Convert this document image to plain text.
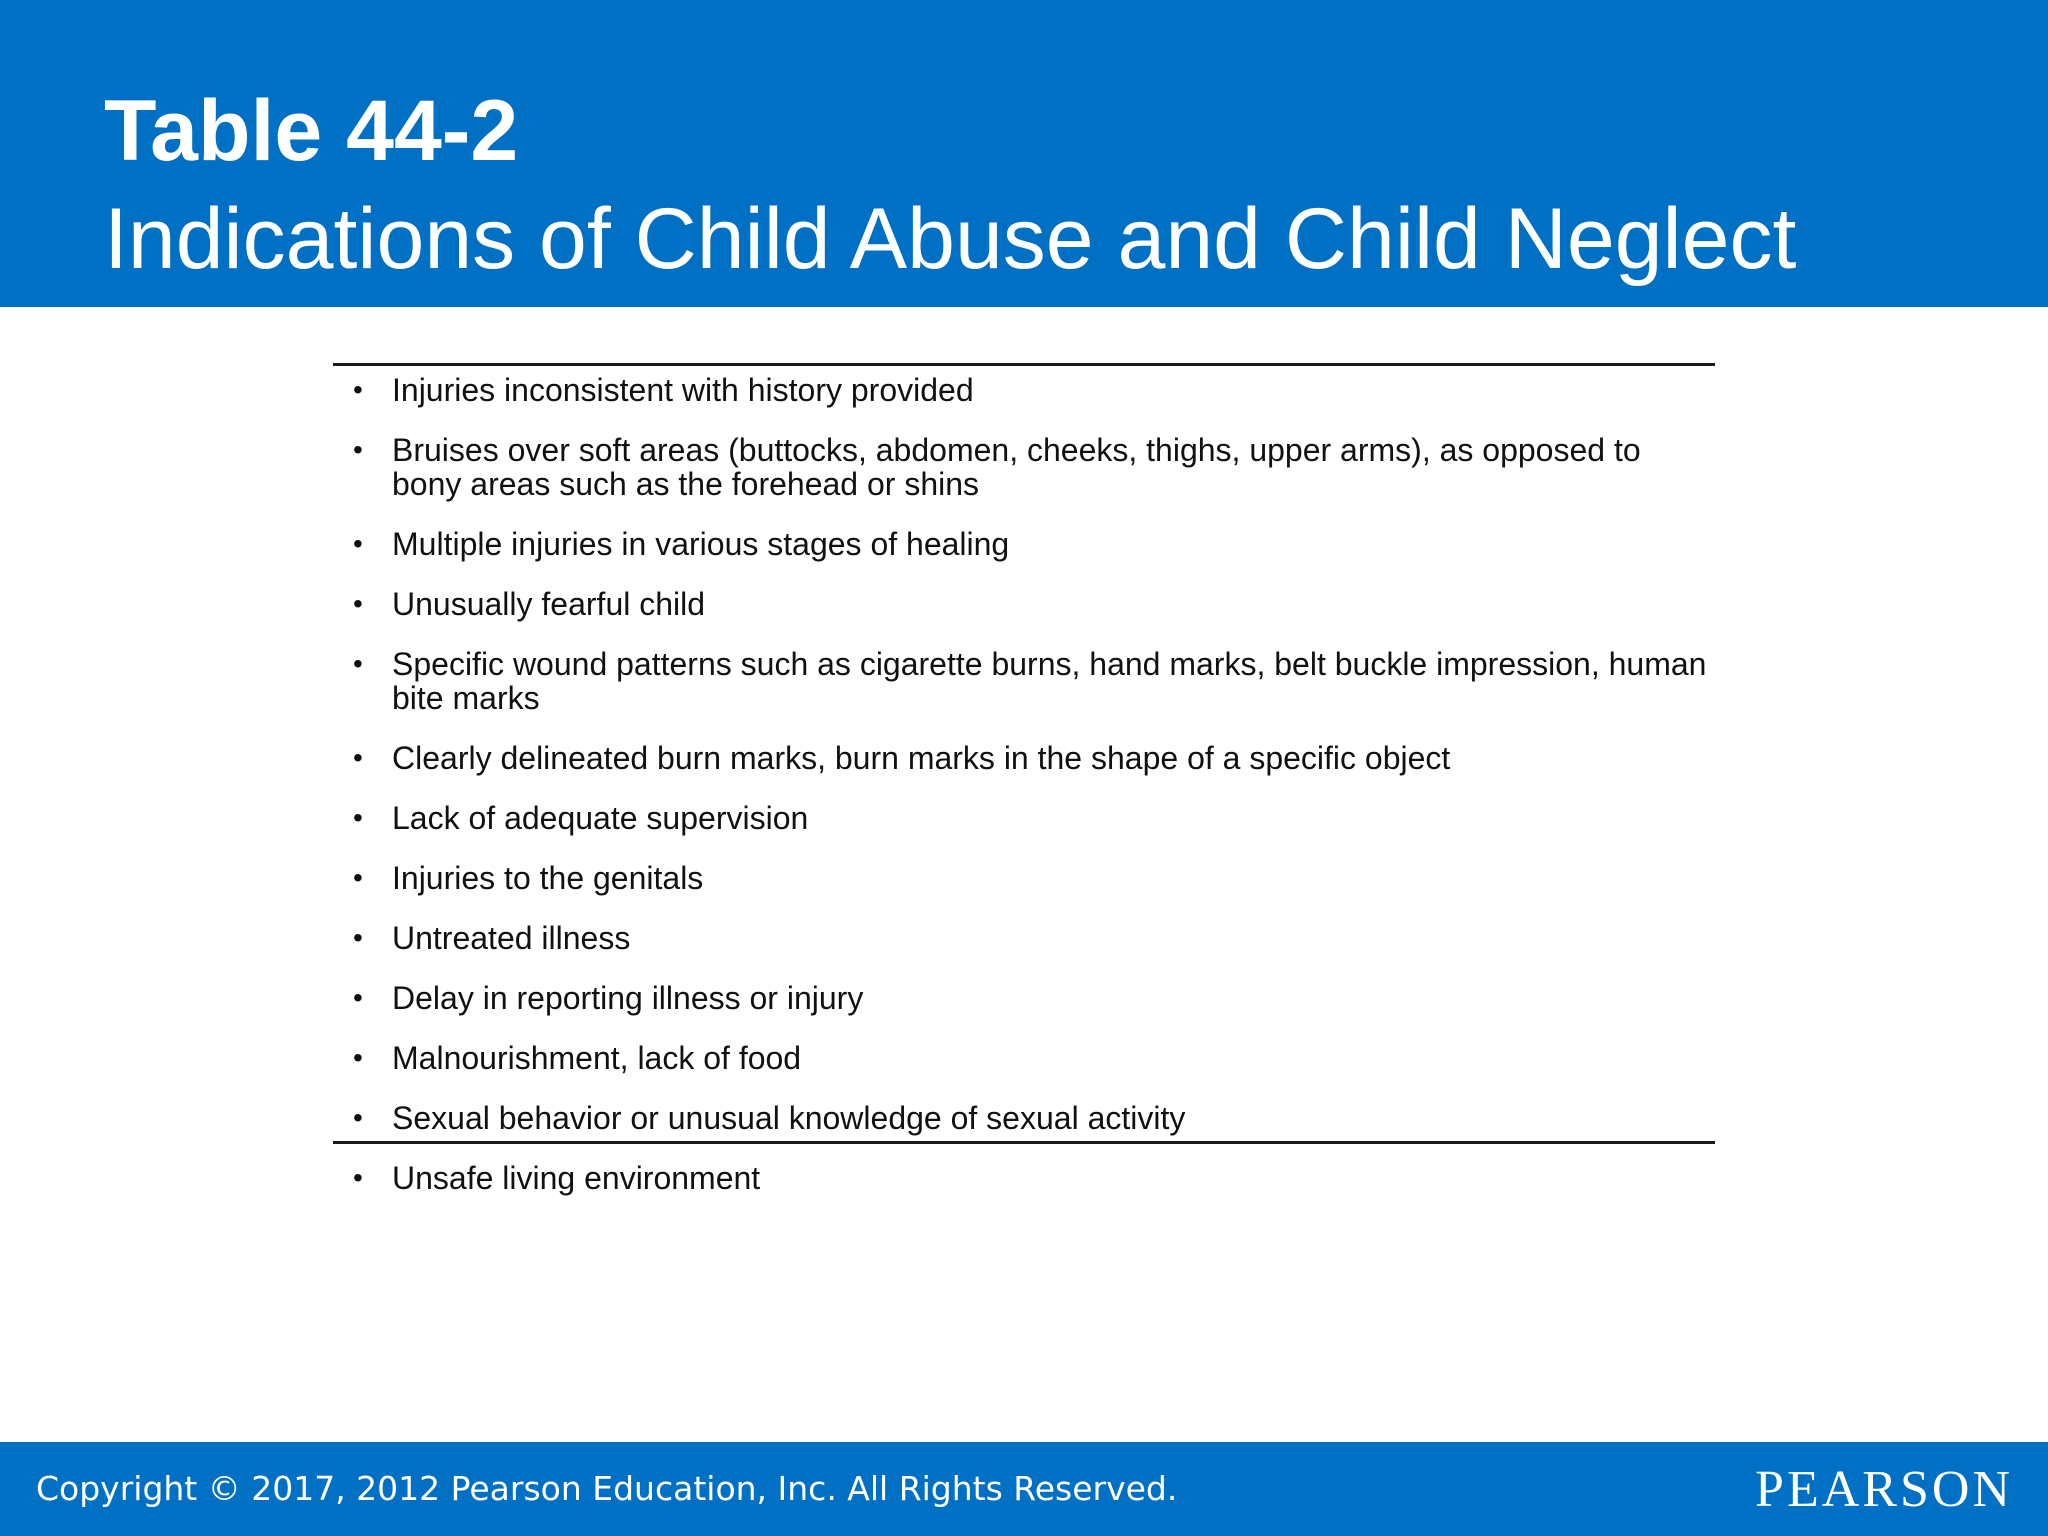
Table 44-2
Indications of Child Abuse and Child Neglect
• Injuries inconsistent with history provided
• Bruises over soft areas (buttocks, abdomen, cheeks, thighs, upper arms), as opposed to bony areas such as the forehead or shins
• Multiple injuries in various stages of healing
• Unusually fearful child
• Specific wound patterns such as cigarette burns, hand marks, belt buckle impression, human bite marks
• Clearly delineated burn marks, burn marks in the shape of a specific object
• Lack of adequate supervision
• Injuries to the genitals
• Untreated illness
• Delay in reporting illness or injury
• Malnourishment, lack of food
• Sexual behavior or unusual knowledge of sexual activity
• Unsafe living environment
Copyright © 2017, 2012 Pearson Education, Inc. All Rights Reserved.	PEARSON
